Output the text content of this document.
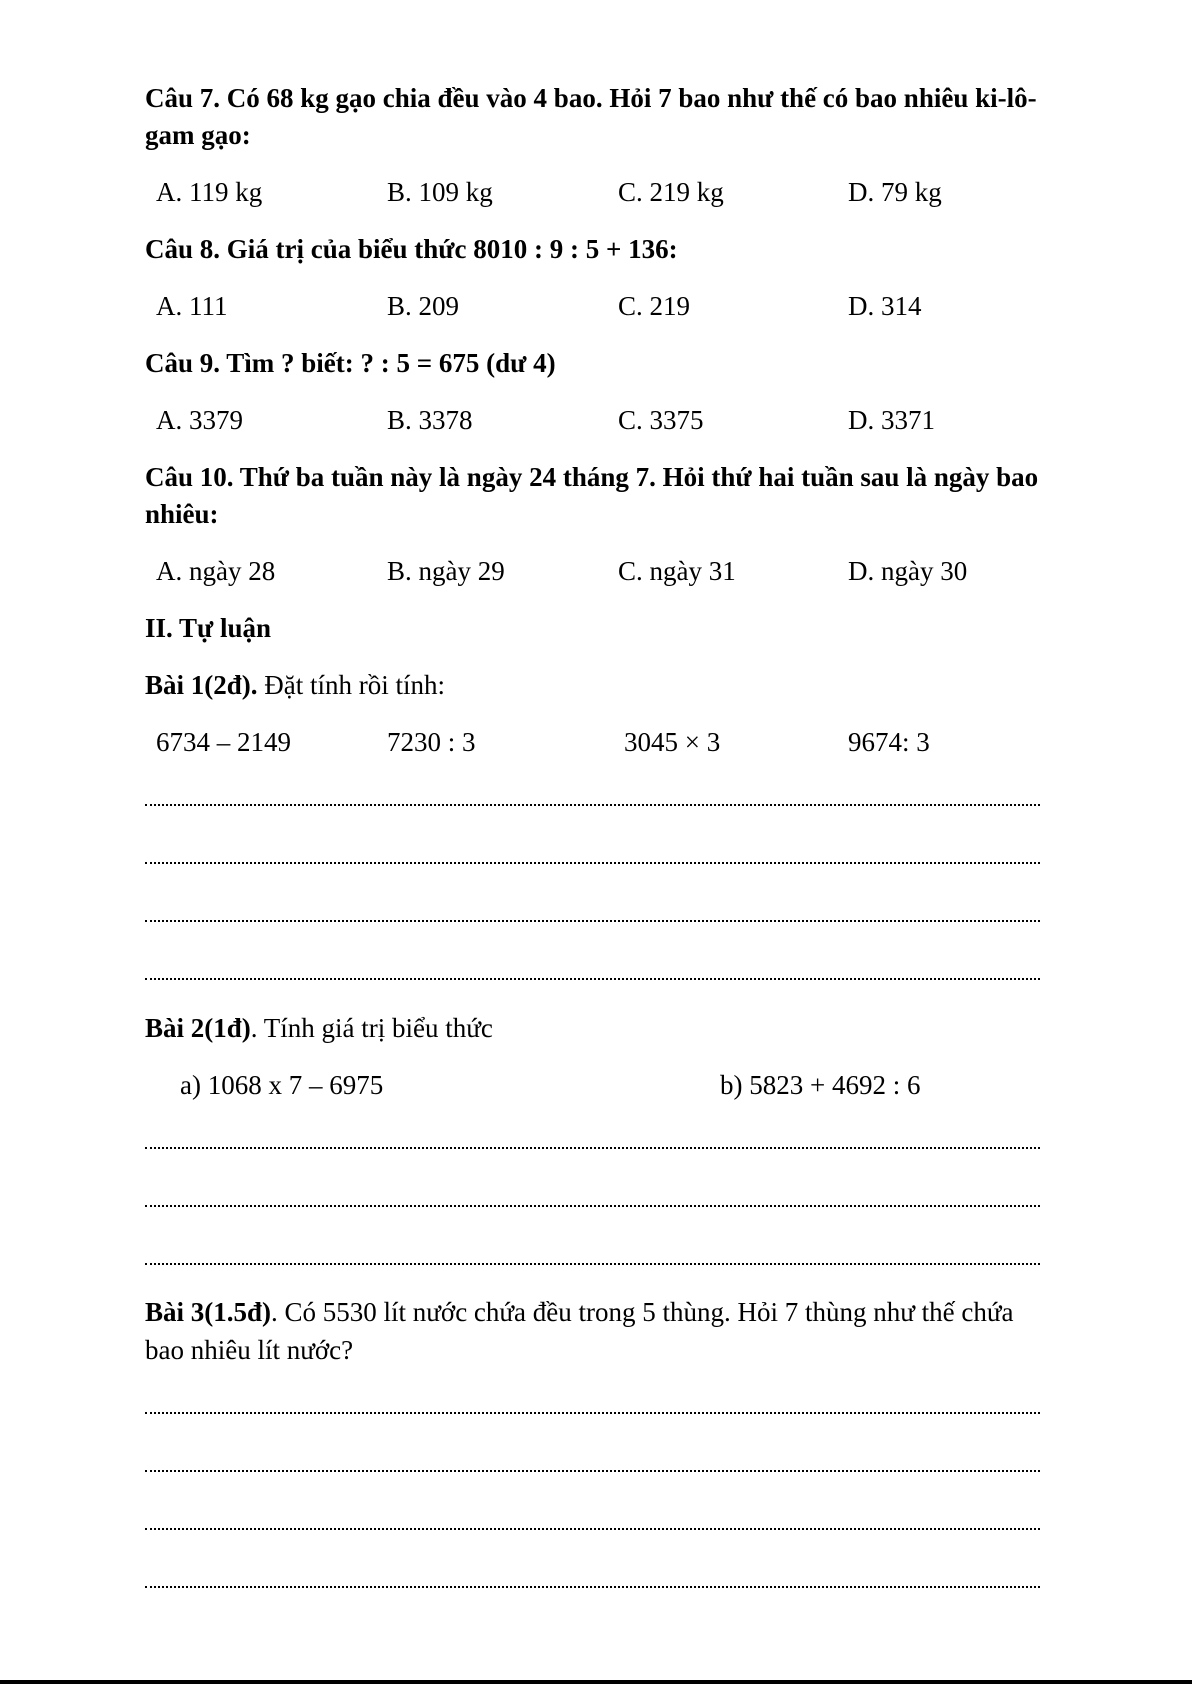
Câu 7. Có 68 kg gạo chia đều vào 4 bao. Hỏi 7 bao như thế có bao nhiêu ki-lô-
gam gạo:
A. 119 kg	B. 109 kg	C. 219 kg	D. 79 kg
Câu 8. Giá trị của biểu thức 8010 : 9 : 5 + 136:
A. 111	B. 209	C. 219	D. 314
Câu 9. Tìm ? biết: ? : 5 = 675 (dư 4)
A. 3379	B. 3378	C. 3375	D. 3371
Câu 10. Thứ ba tuần này là ngày 24 tháng 7. Hỏi thứ hai tuần sau là ngày bao
nhiêu:
A. ngày 28	B. ngày 29	C. ngày 31	D. ngày 30
II. Tự luận
Bài 1(2đ). Đặt tính rồi tính:
6734 – 2149	7230 : 3	3045 × 3	9674: 3
Bài 2(1đ). Tính giá trị biểu thức
a) 1068 x 7 – 6975	b) 5823 + 4692 : 6
Bài 3(1.5đ). Có 5530 lít nước chứa đều trong 5 thùng. Hỏi 7 thùng như thế chứa
bao nhiêu lít nước?
